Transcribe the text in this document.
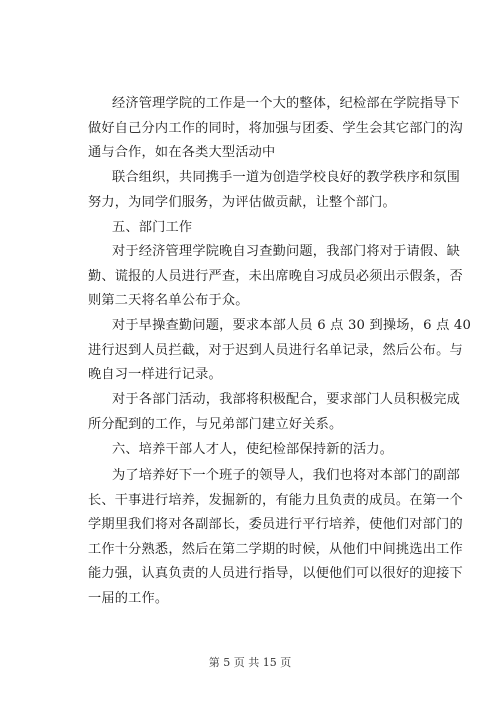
经济管理学院的工作是一个大的整体，纪检部在学院指导下
做好自己分内工作的同时，将加强与团委、学生会其它部门的沟
通与合作，如在各类大型活动中
联合组织，共同携手一道为创造学校良好的教学秩序和氛围
努力，为同学们服务，为评估做贡献，让整个部门。
五、部门工作
对于经济管理学院晚自习查勤问题，我部门将对于请假、缺
勤、谎报的人员进行严查，未出席晚自习成员必须出示假条，否
则第二天将名单公布于众。
对于早操查勤问题，要求本部人员 6 点 30 到操场，6 点 40
进行迟到人员拦截，对于迟到人员进行名单记录，然后公布。与
晚自习一样进行记录。
对于各部门活动，我部将积极配合，要求部门人员积极完成
所分配到的工作，与兄弟部门建立好关系。
六、培养干部人才人，使纪检部保持新的活力。
为了培养好下一个班子的领导人，我们也将对本部门的副部
长、干事进行培养，发掘新的，有能力且负责的成员。在第一个
学期里我们将对各副部长，委员进行平行培养，使他们对部门的
工作十分熟悉，然后在第二学期的时候，从他们中间挑选出工作
能力强，认真负责的人员进行指导，以便他们可以很好的迎接下
一届的工作。
第 5 页 共 15 页
